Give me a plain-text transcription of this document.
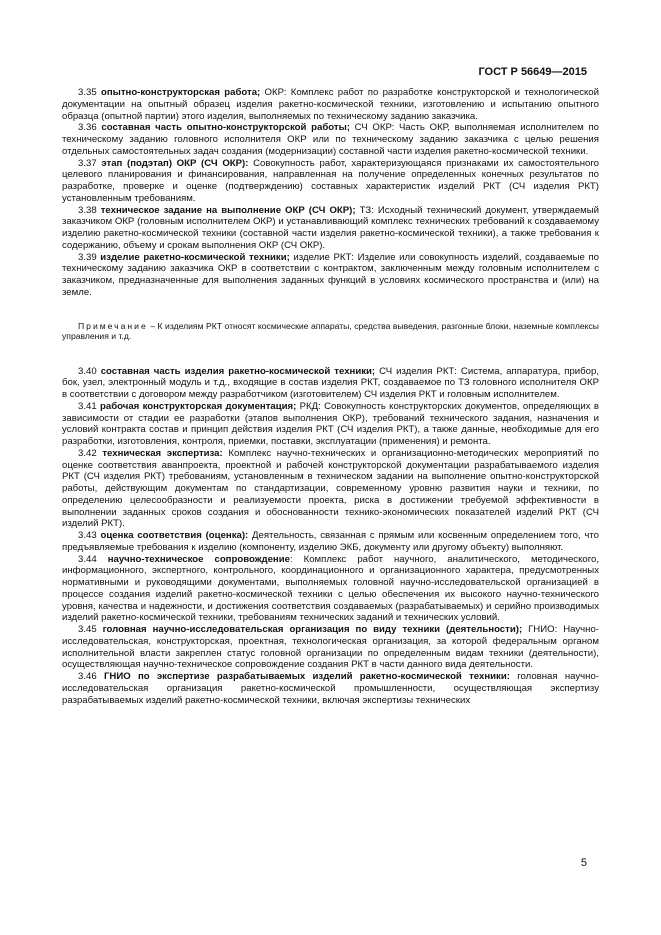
ГОСТ Р 56649—2015

3.35 опытно-конструкторская работа; ОКР: Комплекс работ по разработке конструкторской и технологической документации на опытный образец изделия ракетно-космической техники, изготовлению и испытанию опытного образца (опытной партии) этого изделия, выполняемых по техническому заданию заказчика.

3.36 составная часть опытно-конструкторской работы; СЧ ОКР: Часть ОКР, выполняемая исполнителем по техническому заданию головного исполнителя ОКР или по техническому заданию заказчика с целью решения отдельных самостоятельных задач создания (модернизации) составной части изделия ракетно-космической техники.

3.37 этап (подэтап) ОКР (СЧ ОКР): Совокупность работ, характеризующаяся признаками их самостоятельного целевого планирования и финансирования, направленная на получение определенных конечных результатов по разработке, проверке и оценке (подтверждению) составных характеристик изделий РКТ (СЧ изделия РКТ) установленным требованиям.

3.38 техническое задание на выполнение ОКР (СЧ ОКР); ТЗ: Исходный технический документ, утверждаемый заказчиком ОКР (головным исполнителем ОКР) и устанавливающий комплекс технических требований к создаваемому изделию ракетно-космической техники (составной части изделия ракетно-космической техники), а также требования к содержанию, объему и срокам выполнения ОКР (СЧ ОКР).

3.39 изделие ракетно-космической техники; изделие РКТ: Изделие или совокупность изделий, создаваемые по техническому заданию заказчика ОКР в соответствии с контрактом, заключенным между головным исполнителем с заказчиком, предназначенные для выполнения заданных функций в условиях космического пространства и (или) на земле.

Примечание – К изделиям РКТ относят космические аппараты, средства выведения, разгонные блоки, наземные комплексы управления и т.д.

3.40 составная часть изделия ракетно-космической техники; СЧ изделия РКТ: Система, аппаратура, прибор, бок, узел, электронный модуль и т.д., входящие в состав изделия РКТ, создаваемое по ТЗ головного исполнителя ОКР в соответствии с договором между разработчиком (изготовителем) СЧ изделия РКТ и головным исполнителем.

3.41 рабочая конструкторская документация; РКД: Совокупность конструкторских документов, определяющих в зависимости от стадии ее разработки (этапов выполнения ОКР), требований технического задания, назначения и условий контракта состав и принцип действия изделия РКТ (СЧ изделия РКТ), а также данные, необходимые для его разработки, изготовления, контроля, приемки, поставки, эксплуатации (применения) и ремонта.

3.42 техническая экспертиза: Комплекс научно-технических и организационно-методических мероприятий по оценке соответствия аванпроекта, проектной и рабочей конструкторской документации разрабатываемого изделия РКТ (СЧ изделия РКТ) требованиям, установленным в техническом задании на выполнение опытно-конструкторской работы, действующим документам по стандартизации, современному уровню развития науки и техники, по определению целесообразности и реализуемости проекта, риска в достижении требуемой эффективности в выполнении заданных сроков создания и обоснованности технико-экономических показателей изделий РКТ (СЧ изделий РКТ).

3.43 оценка соответствия (оценка): Деятельность, связанная с прямым или косвенным определением того, что предъявляемые требования к изделию (компоненту, изделию ЭКБ, документу или другому объекту) выполняют.

3.44 научно-техническое сопровождение: Комплекс работ научного, аналитического, методического, информационного, экспертного, контрольного, координационного и организационного характера, предусмотренных нормативными и руководящими документами, выполняемых головной научно-исследовательской организацией в процессе создания изделий ракетно-космической техники с целью обеспечения их высокого научно-технического уровня, качества и надежности, и достижения соответствия создаваемых (разрабатываемых) и серийно производимых изделий ракетно-космической техники, требованиям технических заданий и технических условий.

3.45 головная научно-исследовательская организация по виду техники (деятельности); ГНИО: Научно-исследовательская, конструкторская, проектная, технологическая организация, за которой федеральным органом исполнительной власти закреплен статус головной организации по определенным видам техники (деятельности), осуществляющая научно-техническое сопровождение создания РКТ в части данного вида деятельности.

3.46 ГНИО по экспертизе разрабатываемых изделий ракетно-космической техники: головная научно-исследовательская организация ракетно-космической промышленности, осуществляющая экспертизу разрабатываемых изделий ракетно-космической техники, включая экспертизы технических

5
